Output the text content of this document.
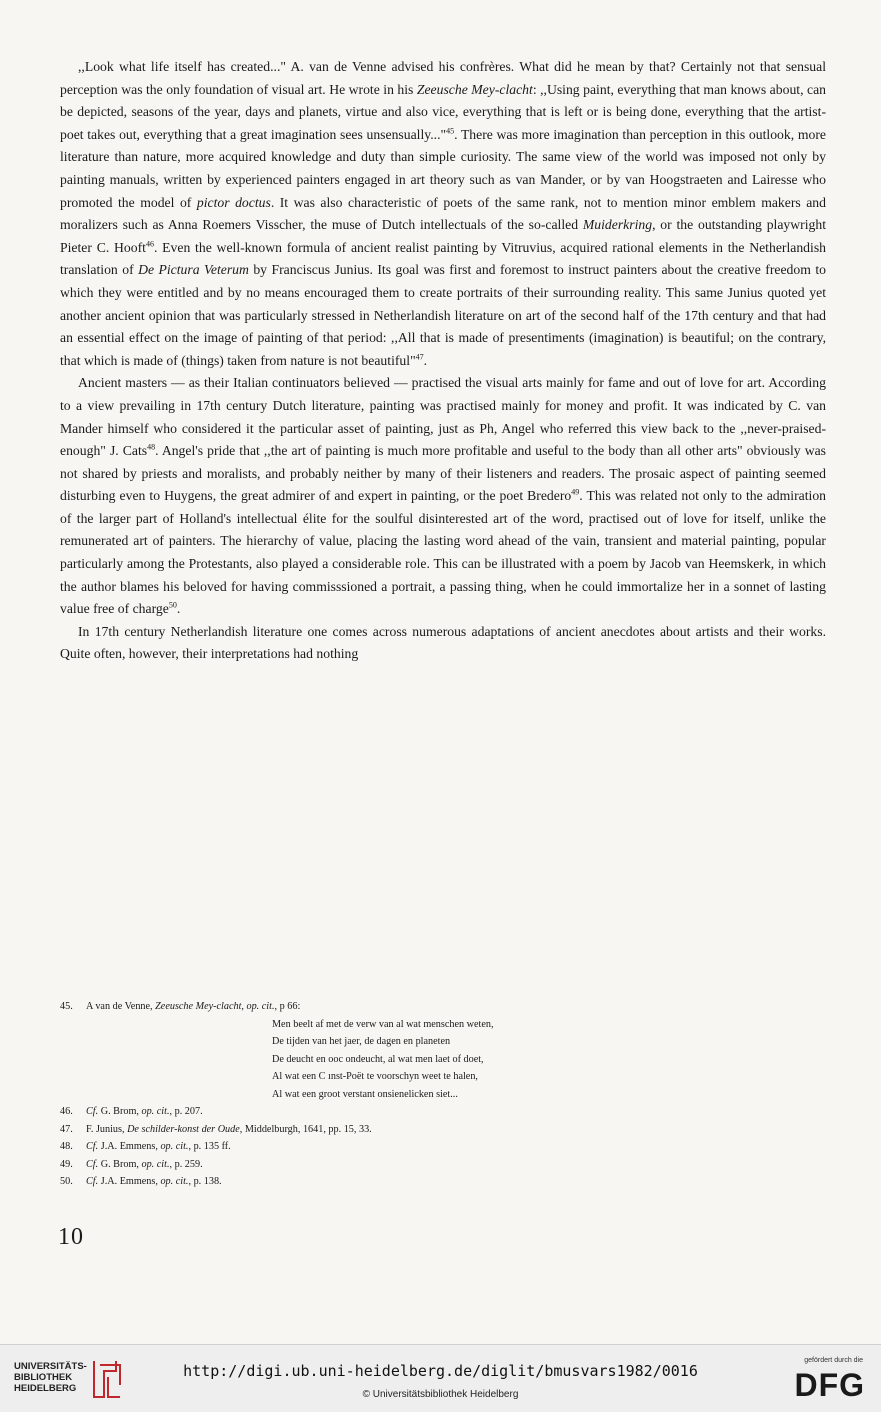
,,Look what life itself has created..." A. van de Venne advised his confrères. What did he mean by that? Certainly not that sensual perception was the only foundation of visual art. He wrote in his Zeeusche Mey-clacht: ,,Using paint, everything that man knows about, can be depicted, seasons of the year, days and planets, virtue and also vice, everything that is left or is being done, everything that the artist-poet takes out, everything that a great imagination sees unsensually..."$^{45}$. There was more imagination than perception in this outlook, more literature than nature, more acquired knowledge and duty than simple curiosity. The same view of the world was imposed not only by painting manuals, written by experienced painters engaged in art theory such as van Mander, or by van Hoogstraeten and Lairesse who promoted the model of pictor doctus. It was also characteristic of poets of the same rank, not to mention minor emblem makers and moralizers such as Anna Roemers Visscher, the muse of Dutch intellectuals of the so-called Muiderkring, or the outstanding playwright Pieter C. Hooft$^{46}$. Even the well-known formula of ancient realist painting by Vitruvius, acquired rational elements in the Netherlandish translation of De Pictura Veterum by Franciscus Junius. Its goal was first and foremost to instruct painters about the creative freedom to which they were entitled and by no means encouraged them to create portraits of their surrounding reality. This same Junius quoted yet another ancient opinion that was particularly stressed in Netherlandish literature on art of the second half of the 17th century and that had an essential effect on the image of painting of that period: ,,All that is made of presentiments (imagination) is beautiful; on the contrary, that which is made of (things) taken from nature is not beautiful"$^{47}$.

Ancient masters — as their Italian continuators believed — practised the visual arts mainly for fame and out of love for art. According to a view prevailing in 17th century Dutch literature, painting was practised mainly for money and profit. It was indicated by C. van Mander himself who considered it the particular asset of painting, just as Ph, Angel who referred this view back to the ,,never-praised-enough" J. Cats$^{48}$. Angel's pride that ,,the art of painting is much more profitable and useful to the body than all other arts" obviously was not shared by priests and moralists, and probably neither by many of their listeners and readers. The prosaic aspect of painting seemed disturbing even to Huygens, the great admirer of and expert in painting, or the poet Bredero$^{49}$. This was related not only to the admiration of the larger part of Holland's intellectual élite for the soulful disinterested art of the word, practised out of love for itself, unlike the remunerated art of painters. The hierarchy of value, placing the lasting word ahead of the vain, transient and material painting, popular particularly among the Protestants, also played a considerable role. This can be illustrated with a poem by Jacob van Heemskerk, in which the author blames his beloved for having commisssioned a portrait, a passing thing, when he could immortalize her in a sonnet of lasting value free of charge$^{50}$.

In 17th century Netherlandish literature one comes across numerous adaptations of ancient anecdotes about artists and their works. Quite often, however, their interpretations had nothing

45.	A van de Venne, Zeeusche Mey-clacht, op. cit., p 66:
Men beelt af met de verw van al wat menschen weten,
De tijden van het jaer, de dagen en planeten
De deucht en ooc ondeucht, al wat men laet of doet,
Al wat een C ınst-Poët te voorschyn weet te halen,
Al wat een groot verstant onsienelicken siet...
46.	Cf. G. Brom, op. cit., p. 207.
47.	F. Junius, De schilder-konst der Oude, Middelburgh, 1641, pp. 15, 33.
48.	Cf. J.A. Emmens, op. cit., p. 135 ff.
49.	Cf. G. Brom, op. cit., p. 259.
50.	Cf. J.A. Emmens, op. cit., p. 138.
10
UNIVERSITÄTS-
BIBLIOTHEK
HEIDELBERG
http://digi.ub.uni-heidelberg.de/diglit/bmusvars1982/0016
© Universitätsbibliothek Heidelberg
gefördert durch die
DFG
